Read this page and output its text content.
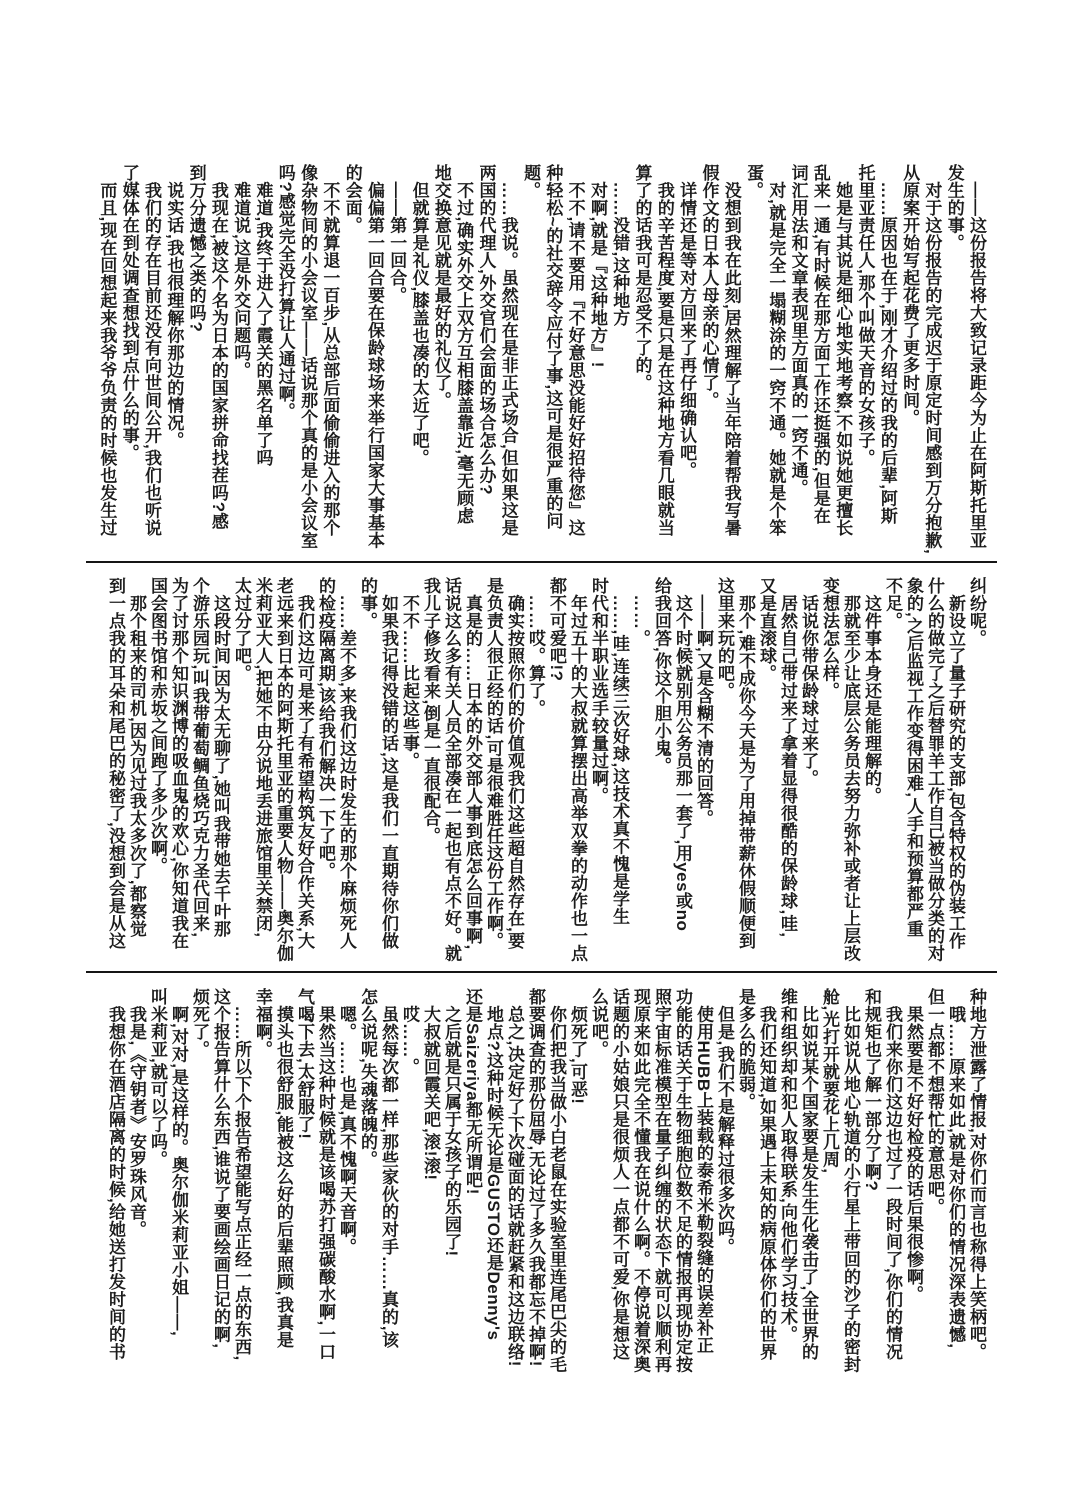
　——这份报告将大致记录距今为止在阿斯托里亚

发生的事。

　对于这份报告的完成迟于原定时间感到万分抱歉,

从原案开始写起花费了更多时间。

　……原因也在于,刚才介绍过的我的后辈,阿斯

托里亚责任人,那个叫做天音的女孩子。

　她是与其说是细心地实地考察,不如说她更擅长

乱来一通,有时候在那方面工作还挺强的,但是在

词汇用法和文章表现里方面真的一窍不通。

　对,就是完全一塌糊涂的一窍不通。她就是个笨

蛋。

　没想到我在此刻,居然理解了当年陪着帮我写暑

假作文的日本人母亲的心情了。

　详情还是等对方回来了再仔细确认吧。

　我的辛苦程度,要是只是在这种地方看几眼就当

算了的话我可是忍受不了的。

　……没错,这种地方

　对啊,就是『这种地方』!

　不不,请不要用『不好意思没能好好招待您』这

种轻松~的社交辞令应付了事,这可是很严重的问

题。

　……我说。虽然现在是非正式场合,但如果这是

两国的代理人,外交官们会面的场合怎么办?

　不过,确实外交上双方互相膝盖靠近,毫无顾虑

地交换意见就是最好的礼仪了。

　但就算是礼仪,膝盖也凑的太近了吧。

　——第一回合。

　偏偏第一回合要在保龄球场来举行国家大事基本

的会面。

　不不就算退一百步,从总部后面偷偷进入的那个

像杂物间的小会议室——话说那个真的是小会议室

吗?感觉完全没打算让人通过啊。

　难道,我终于进入了霞关的黑名单了吗

　难道说,这是外交问题吗。

　我现在,被这个名为日本的国家拼命找茬吗?感

到万分遗憾之类的吗?

　说实话,我也很理解你那边的情况。

　我们的存在目前还没有向世间公开,我们也听说

了媒体在到处调查想找到点什么的事。

　而且,现在回想起来我爷爷负责的时候也发生过

纠纷呢。

　新设立了量子研究的支部,包含特权的伪装工作

什么的做完了之后替罪羊工作自己被当做分类的对

象的,之后监视工作变得困难,人手和预算都严重

不足。

　这件事本身还是能理解的。

　那就至少让底层公务员去努力弥补或者让上层改

变想法怎么样。

　话说你带保龄球过来了。

　居然自己带过来了拿着显得很酷的保龄球,哇,

又是直滚球。

　那个,难不成你今天是为了用掉带薪休假顺便到

这里来玩的吧。

　——啊,又是含糊不清的回答。

　这个时候就别用公务员那一套了,用yes或no

给我回答,你这个胆小鬼。

　……。

　……,哇,连续三次好球,这技术真不愧是学生

时代和半职业选手较量过啊。

　年过五十的大叔就算摆出高举双拳的动作也一点

都不可爱吧!?

　……哎。算了。

　确实按照你们的价值观我们这些超自然存在,要

是负责人很正经的话,可是很难胜任这份工作啊。

　真是的……日本的外交部人事到底怎么回事啊,

话说这么多有关人员全部凑在一起也有点不好。就

我儿子修玫看来,倒是一直很配合。

　不不……比起这些事。

　如果我记得没错的话,这是我们一直期待你们做

的事。

　……差不多,来我们这边时发生的那个麻烦死人

的检疫隔离期,该给我们解决一下了吧。

　我们这边可是来了有希望构筑友好合作关系,大

老远来到日本的阿斯托里亚的重要人物——奥尔伽

米莉亚大人,把她不由分说地丢进旅馆里关禁闭,

太过分了吧。

　这段时间,因为太无聊了,她叫我带她去千叶那

个游乐园玩,叫我带葡萄鲷鱼烧巧克力圣代回来,

为了讨那个知识渊博的吸血鬼的欢心,你知道我在

国会图书馆和赤坂之间跑了多少次啊。

　那个租来的司机,因为见过我太多次了,都察觉

到一点我的耳朵和尾巴的秘密了,没想到会是从这

种地方泄露了情报,对你们而言也称得上笑柄吧。

　哦……原来如此,就是对你们的情况深表遗憾,

但一点都不想帮忙的意思吧。

　果然要是不好好检疫的话后果很惨啊。

　我们来你们这边也过了一段时间了,你们的情况

和规矩也了解一部分了啊?

　比如说从地心轨道的小行星上带回的沙子的密封

舱,光打开就要花上几周,

　比如说某个国家要是发生生化袭击了,全世界的

维和组织却和犯人取得联系,向他们学习技术。

　我们还知道,如果遇上未知的病原体你们的世界

是多么的脆弱。

　但是,我们不是解释过很多次吗。

　使用HUBB上装载的泰希米勒裂缝的误差补正

功能的话关于生物细胞位数不足的情报再现协定按

照宇宙标准模型在量子纠缠的状态下就可以顺利再

现原来如此完全不懂我在说什么啊。不停说着深奥

话题的小姑娘只是很烦人一点都不可爱,你是想这

么说吧。

　烦死了,可恶!

　你们把我当做小白老鼠在实验室里连尾巴尖的毛

都要调查的那份屈辱,无论过了多久我都忘不掉啊!

　总之,决定好了下次碰面的话就赶紧和这边联络!

　地点?这种时候无论是GUSTO还是Denny's

还是Saizeriya都无所谓吧!

　之后就是只属于女孩子的乐园了!

　大叔就回霞关吧,滚!滚!

　哎……。

　虽然每次都一样,那些家伙的对手……真的,该

怎么说呢,失魂落魄的。

　嗯。……也是,真不愧啊天音啊。

　果然当这种时候就是该喝苏打强碳酸水啊,一口

气喝下去,太舒服了!

　摸头也很舒服,能被这么好的后辈照顾,我真是

幸福啊。

　……所以下个报告希望能写点正经一点的东西,

这个报告算什么东西,谁说了要画绘画日记的啊,

烦死了。

　啊,对对,是这样的。奥尔伽米莉亚小姐——,

叫米莉亚,就可以了吗。

　我是,《守钥者》安罗珠风音。

　我想你在酒店隔离的时候,给她送打发时间的书
